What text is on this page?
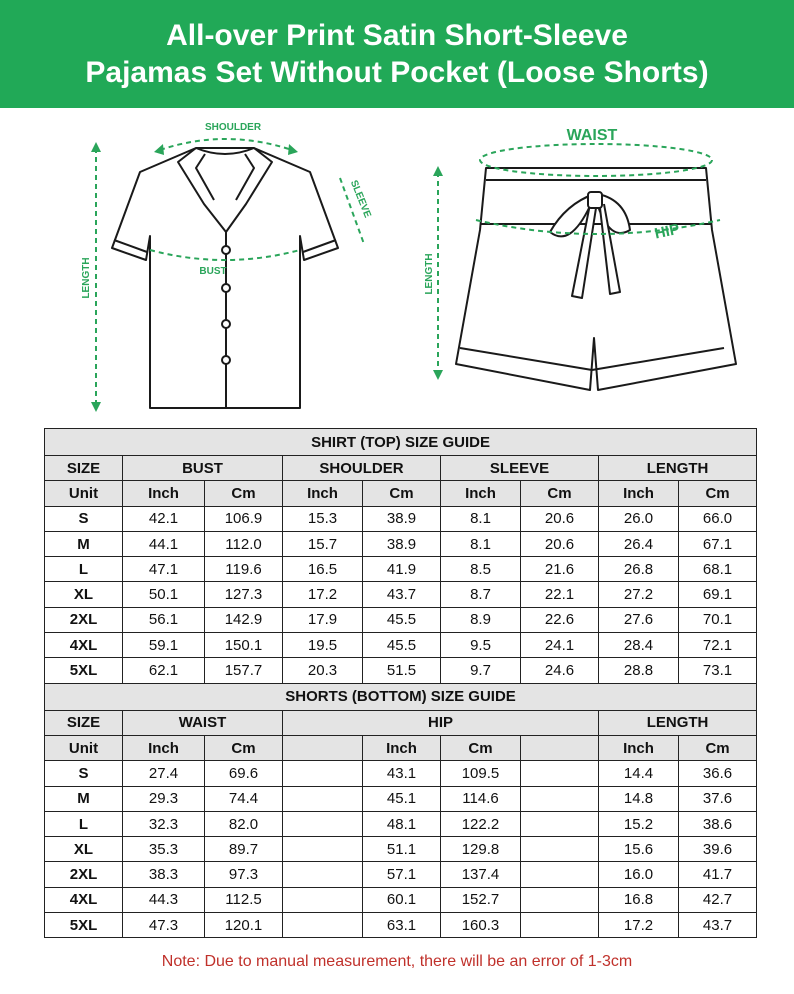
All-over Print Satin Short-Sleeve
Pajamas Set Without Pocket (Loose Shorts)
SHOULDER
SLEEVE
BUST
LENGTH
WAIST
HIP
LENGTH
SHIRT (TOP) SIZE GUIDE								
SIZE	BUST		SHOULDER		SLEEVE		LENGTH	
Unit	Inch	Cm	Inch	Cm	Inch	Cm	Inch	Cm
S	42.1	106.9	15.3	38.9	8.1	20.6	26.0	66.0
M	44.1	112.0	15.7	38.9	8.1	20.6	26.4	67.1
L	47.1	119.6	16.5	41.9	8.5	21.6	26.8	68.1
XL	50.1	127.3	17.2	43.7	8.7	22.1	27.2	69.1
2XL	56.1	142.9	17.9	45.5	8.9	22.6	27.6	70.1
4XL	59.1	150.1	19.5	45.5	9.5	24.1	28.4	72.1
5XL	62.1	157.7	20.3	51.5	9.7	24.6	28.8	73.1
SHORTS (BOTTOM) SIZE GUIDE								
SIZE	WAIST		HIP				LENGTH	
Unit	Inch	Cm		Inch	Cm		Inch	Cm
S	27.4	69.6		43.1	109.5		14.4	36.6
M	29.3	74.4		45.1	114.6		14.8	37.6
L	32.3	82.0		48.1	122.2		15.2	38.6
XL	35.3	89.7		51.1	129.8		15.6	39.6
2XL	38.3	97.3		57.1	137.4		16.0	41.7
4XL	44.3	112.5		60.1	152.7		16.8	42.7
5XL	47.3	120.1		63.1	160.3		17.2	43.7
Note: Due to manual measurement, there will be an error of 1-3cm
